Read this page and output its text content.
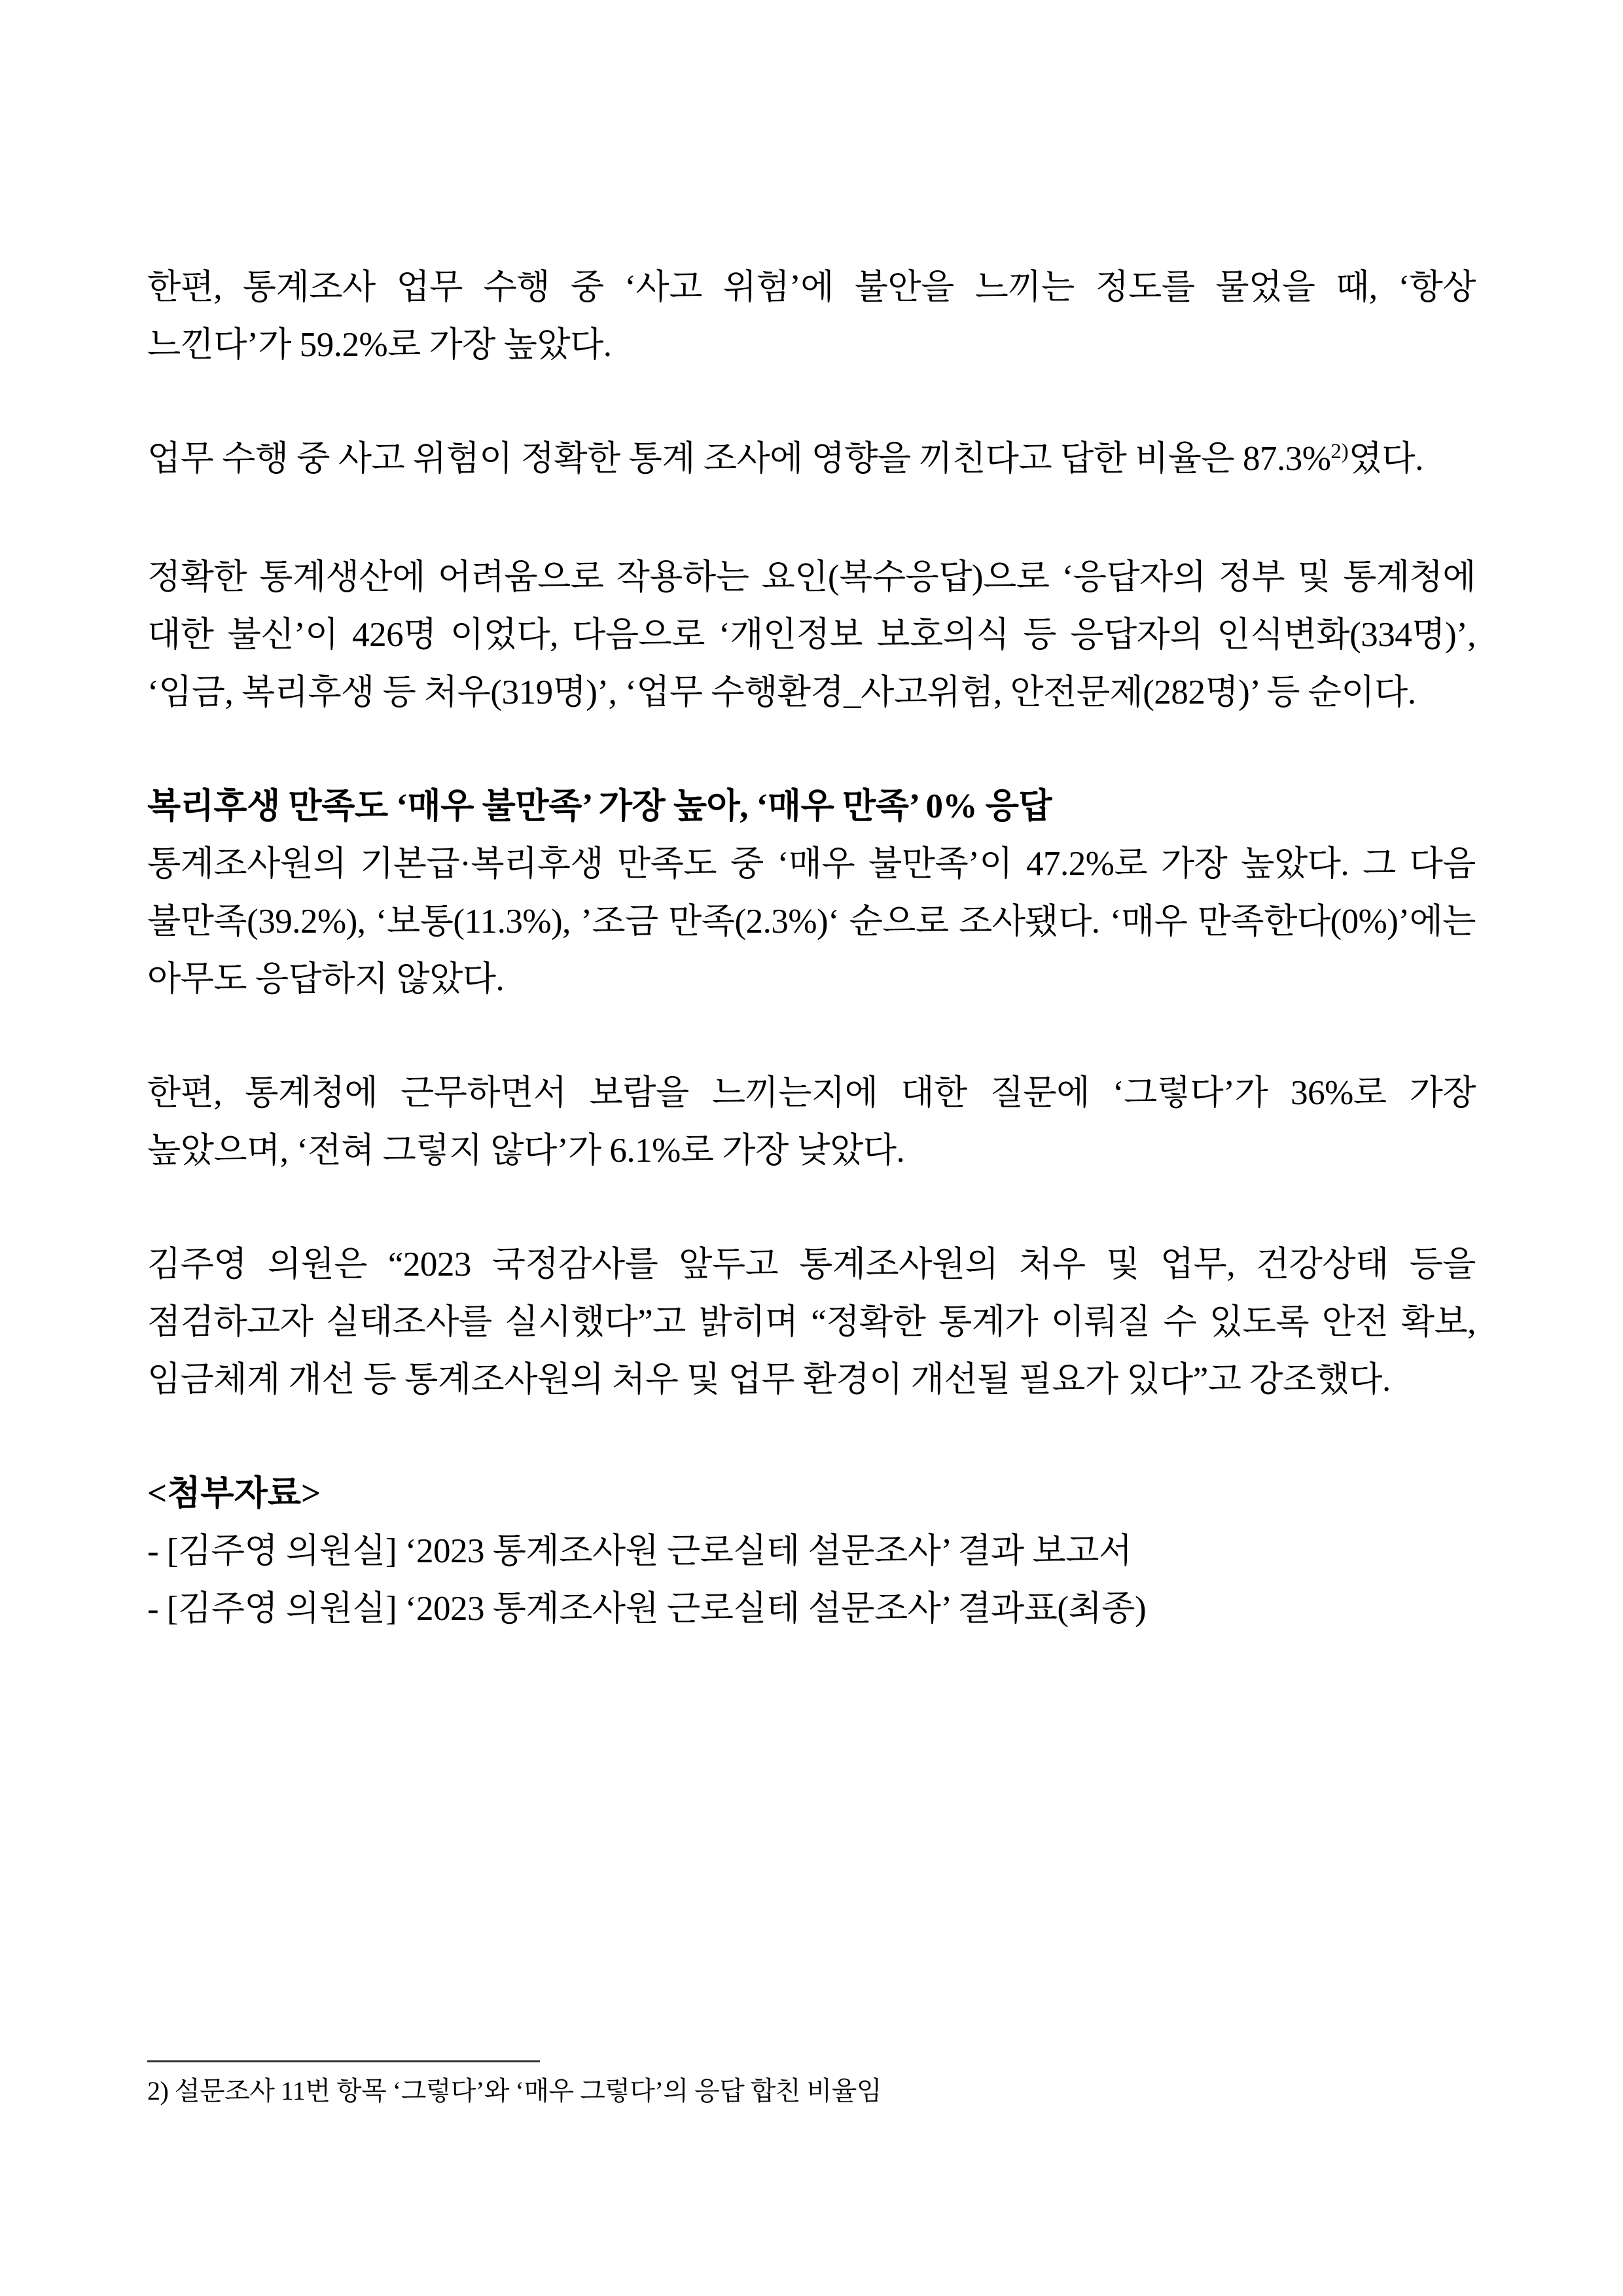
한편, 통계조사 업무 수행 중 ‘사고 위험’에 불안을 느끼는 정도를 물었을 때, ‘항상 느낀다’가 59.2%로 가장 높았다.

업무 수행 중 사고 위험이 정확한 통계 조사에 영향을 끼친다고 답한 비율은 87.3%$^{2)}$였다.

정확한 통계생산에 어려움으로 작용하는 요인(복수응답)으로 ‘응답자의 정부 및 통계청에 대한 불신’이 426명 이었다, 다음으로 ‘개인정보 보호의식 등 응답자의 인식변화(334명)’, ‘임금, 복리후생 등 처우(319명)’, ‘업무 수행환경_사고위험, 안전문제(282명)’ 등 순이다.

복리후생 만족도 ‘매우 불만족’ 가장 높아, ‘매우 만족’ 0% 응답

통계조사원의 기본급·복리후생 만족도 중 ‘매우 불만족’이 47.2%로 가장 높았다. 그 다음 불만족(39.2%), ‘보통(11.3%), ’조금 만족(2.3%)‘ 순으로 조사됐다. ‘매우 만족한다(0%)’에는 아무도 응답하지 않았다.

한편, 통계청에 근무하면서 보람을 느끼는지에 대한 질문에 ‘그렇다’가 36%로 가장 높았으며, ‘전혀 그렇지 않다’가 6.1%로 가장 낮았다.

김주영 의원은 “2023 국정감사를 앞두고 통계조사원의 처우 및 업무, 건강상태 등을 점검하고자 실태조사를 실시했다”고 밝히며 “정확한 통계가 이뤄질 수 있도록 안전 확보, 임금체계 개선 등 통계조사원의 처우 및 업무 환경이 개선될 필요가 있다”고 강조했다.

<첨부자료>
- [김주영 의원실] ‘2023 통계조사원 근로실테 설문조사’ 결과 보고서
- [김주영 의원실] ‘2023 통계조사원 근로실테 설문조사’ 결과표(최종)
2) 설문조사 11번 항목 ‘그렇다’와 ‘매우 그렇다’의 응답 합친 비율임
